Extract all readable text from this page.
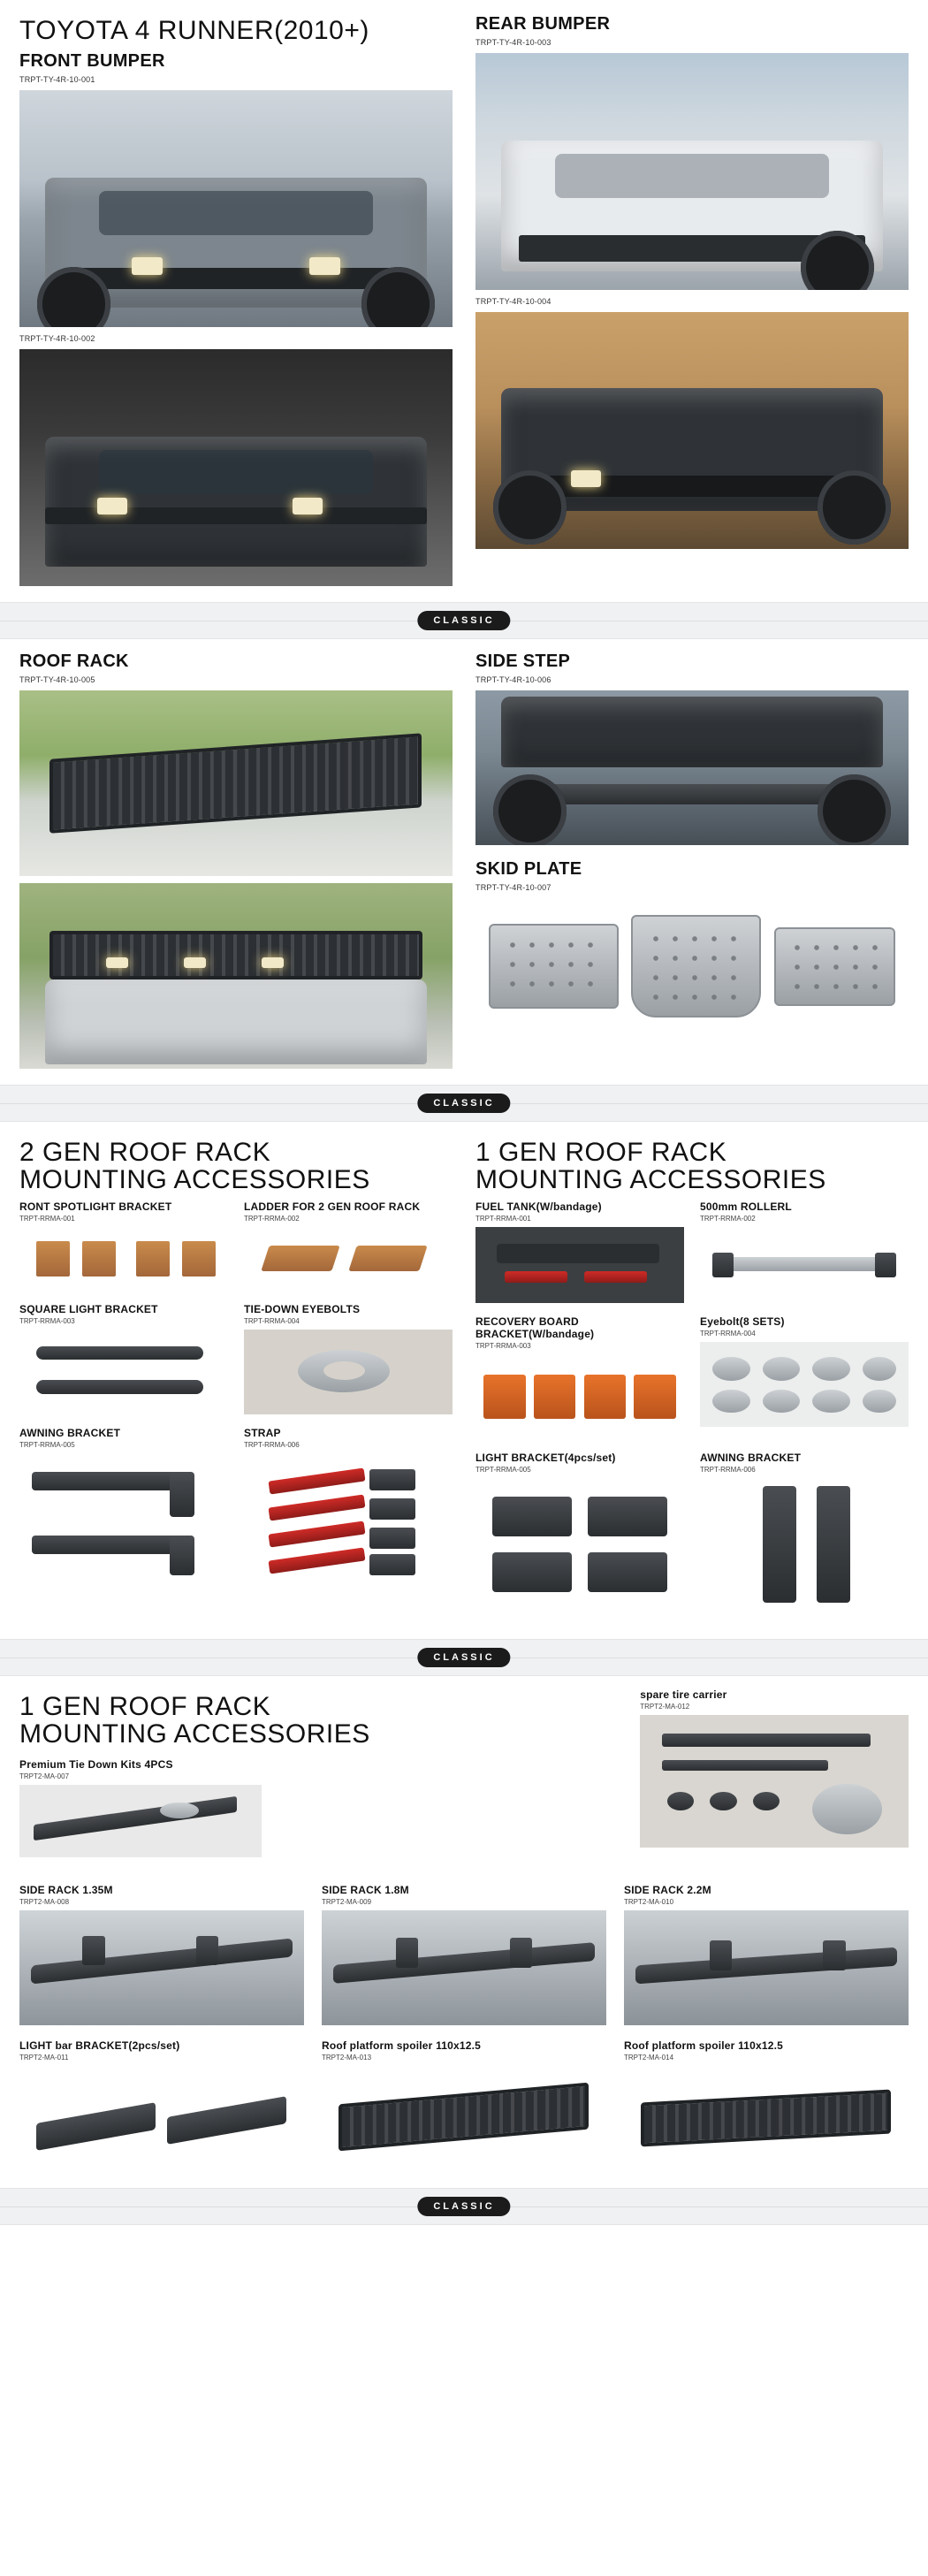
TOYOTA 4 RUNNER(2010+)
FRONT BUMPER
TRPT-TY-4R-10-001
TRPT-TY-4R-10-002
REAR BUMPER
TRPT-TY-4R-10-003
TRPT-TY-4R-10-004
CLASSIC
ROOF RACK
TRPT-TY-4R-10-005
SIDE STEP
TRPT-TY-4R-10-006
SKID PLATE
TRPT-TY-4R-10-007
CLASSIC
2 GEN ROOF RACK
MOUNTING ACCESSORIES
RONT SPOTLIGHT BRACKET
TRPT-RRMA-001
LADDER FOR 2 GEN ROOF RACK
TRPT-RRMA-002
SQUARE LIGHT BRACKET
TRPT-RRMA-003
TIE-DOWN EYEBOLTS
TRPT-RRMA-004
AWNING BRACKET
TRPT-RRMA-005
STRAP
TRPT-RRMA-006
1 GEN ROOF RACK
MOUNTING ACCESSORIES
FUEL TANK(W/bandage)
TRPT-RRMA-001
500mm ROLLERL
TRPT-RRMA-002
RECOVERY BOARD BRACKET(W/bandage)
TRPT-RRMA-003
Eyebolt(8 SETS)
TRPT-RRMA-004
LIGHT BRACKET(4pcs/set)
TRPT-RRMA-005
AWNING BRACKET
TRPT-RRMA-006
CLASSIC
1 GEN ROOF RACK
MOUNTING ACCESSORIES
Premium Tie Down Kits 4PCS
TRPT2-MA-007
spare tire carrier
TRPT2-MA-012
SIDE RACK 1.35M
TRPT2-MA-008
SIDE RACK 1.8M
TRPT2-MA-009
SIDE RACK 2.2M
TRPT2-MA-010
LIGHT bar BRACKET(2pcs/set)
TRPT2-MA-011
Roof platform spoiler 110x12.5
TRPT2-MA-013
Roof platform spoiler 110x12.5
TRPT2-MA-014
CLASSIC
